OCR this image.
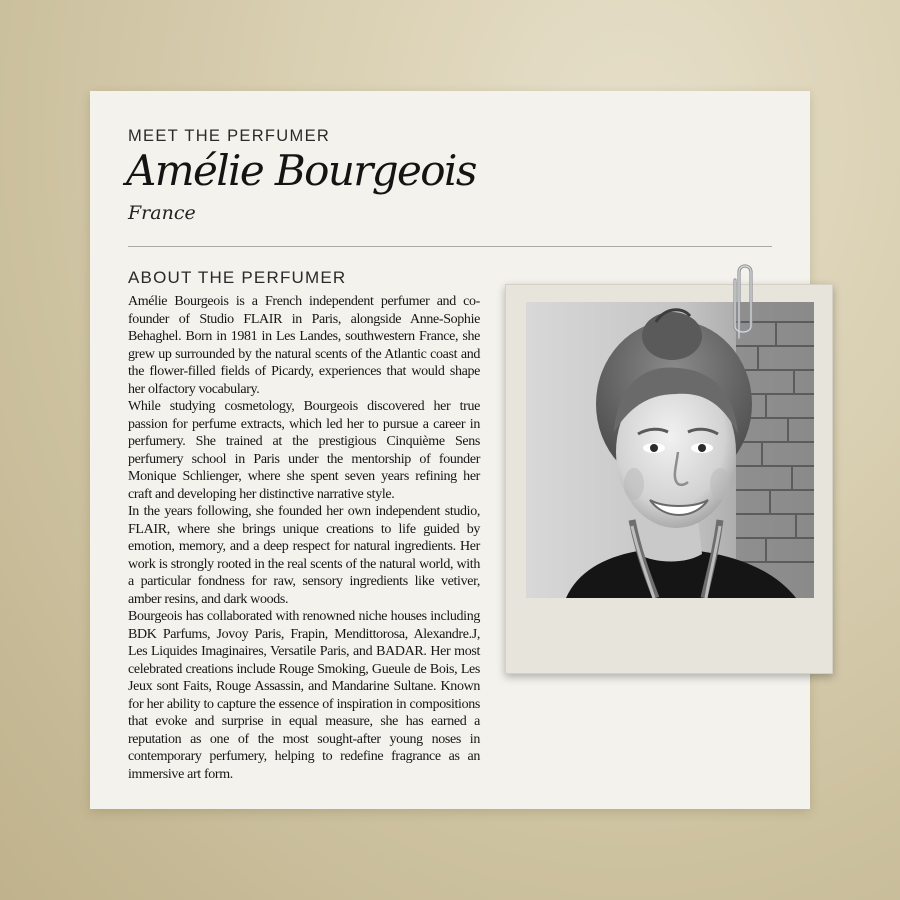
MEET THE PERFUMER
Amélie Bourgeois
France
ABOUT THE PERFUMER

Amélie Bourgeois is a French independent perfumer and co-founder of Studio FLAIR in Paris, alongside Anne-Sophie Behaghel. Born in 1981 in Les Landes, southwestern France, she grew up surrounded by the natural scents of the Atlantic coast and the flower-filled fields of Picardy, experiences that would shape her olfactory vocabulary.

While studying cosmetology, Bourgeois discovered her true passion for perfume extracts, which led her to pursue a career in perfumery. She trained at the prestigious Cinquième Sens perfumery school in Paris under the mentorship of founder Monique Schlienger, where she spent seven years refining her craft and developing her distinctive narrative style.

In the years following, she founded her own independent studio, FLAIR, where she brings unique creations to life guided by emotion, memory, and a deep respect for natural ingredients. Her work is strongly rooted in the real scents of the natural world, with a particular fondness for raw, sensory ingredients like vetiver, amber resins, and dark woods.

Bourgeois has collaborated with renowned niche houses including BDK Parfums, Jovoy Paris, Frapin, Mendittorosa, Alexandre.J, Les Liquides Imaginaires, Versatile Paris, and BADAR. Her most celebrated creations include Rouge Smoking, Gueule de Bois, Les Jeux sont Faits, Rouge Assassin, and Mandarine Sultane. Known for her ability to capture the essence of inspiration in compositions that evoke and surprise in equal measure, she has earned a reputation as one of the most sought-after young noses in contemporary perfumery, helping to redefine fragrance as an immersive art form.
